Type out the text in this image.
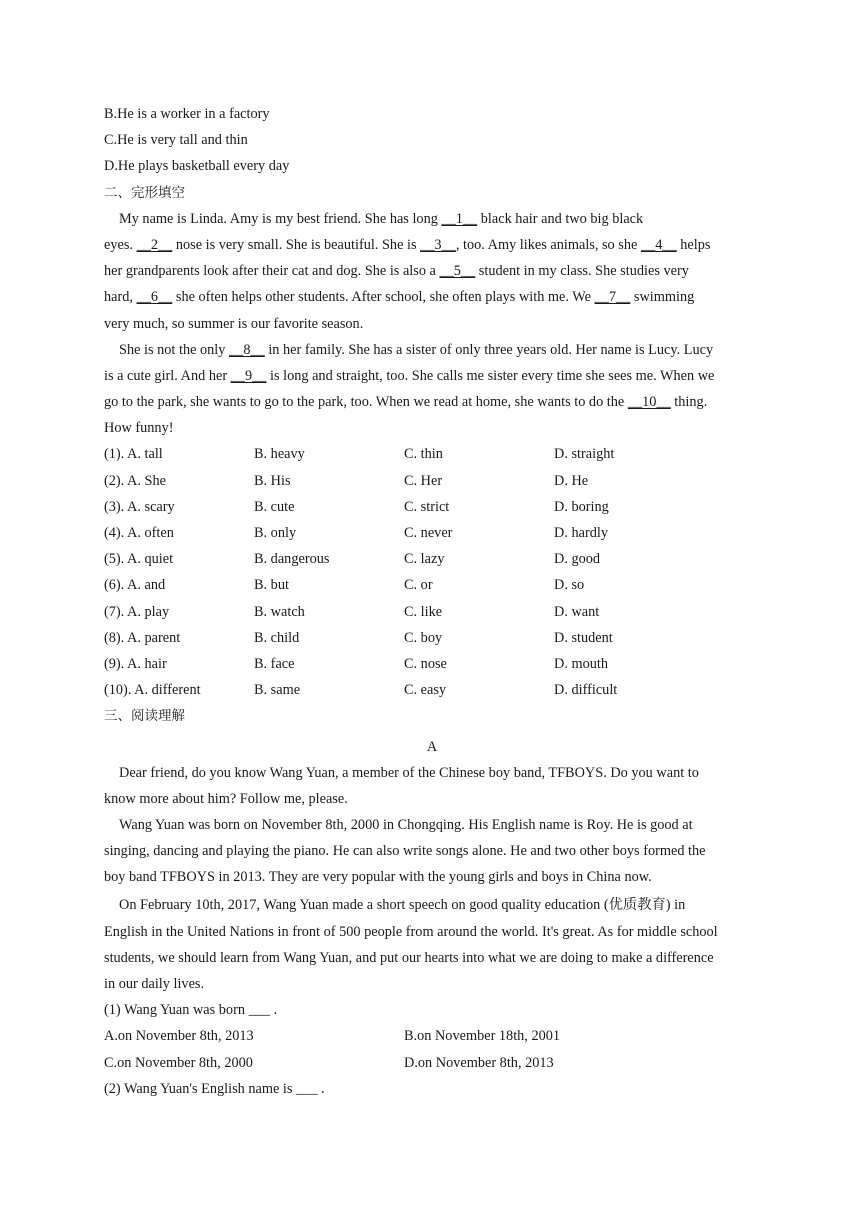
B.He is a worker in a factory
C.He is very tall and thin
D.He plays basketball every day
二、完形填空
My name is Linda. Amy is my best friend. She has long __1__ black hair and two big black
eyes. __2__ nose is very small. She is beautiful. She is __3__, too. Amy likes animals, so she __4__ helps
her grandparents look after their cat and dog. She is also a __5__ student in my class. She studies very
hard, __6__ she often helps other students. After school, she often plays with me. We __7__ swimming
very much, so summer is our favorite season.
She is not the only __8__ in her family. She has a sister of only three years old. Her name is Lucy. Lucy
is a cute girl. And her __9__ is long and straight, too. She calls me sister every time she sees me. When we
go to the park, she wants to go to the park, too. When we read at home, she wants to do the __10__ thing.
How funny!
(1). A. tall	B. heavy	C. thin	D. straight
(2). A. She	B. His	C. Her	D. He
(3). A. scary	B. cute	C. strict	D. boring
(4). A. often	B. only	C. never	D. hardly
(5). A. quiet	B. dangerous	C. lazy	D. good
(6). A. and	B. but	C. or	D. so
(7). A. play	B. watch	C. like	D. want
(8). A. parent	B. child	C. boy	D. student
(9). A. hair	B. face	C. nose	D. mouth
(10). A. different	B. same	C. easy	D. difficult
三、阅读理解
A
Dear friend, do you know Wang Yuan, a member of the Chinese boy band, TFBOYS. Do you want to
know more about him? Follow me, please.
Wang Yuan was born on November 8th, 2000 in Chongqing. His English name is Roy. He is good at
singing, dancing and playing the piano. He can also write songs alone. He and two other boys formed the
boy band TFBOYS in 2013. They are very popular with the young girls and boys in China now.
On February 10th, 2017, Wang Yuan made a short speech on good quality education (优质教育) in
English in the United Nations in front of 500 people from around the world. It's great. As for middle school
students, we should learn from Wang Yuan, and put our hearts into what we are doing to make a difference
in our daily lives.
(1) Wang Yuan was born ___ .
A.on November 8th, 2013	B.on November 18th, 2001
C.on November 8th, 2000	D.on November 8th, 2013
(2) Wang Yuan's English name is ___ .
